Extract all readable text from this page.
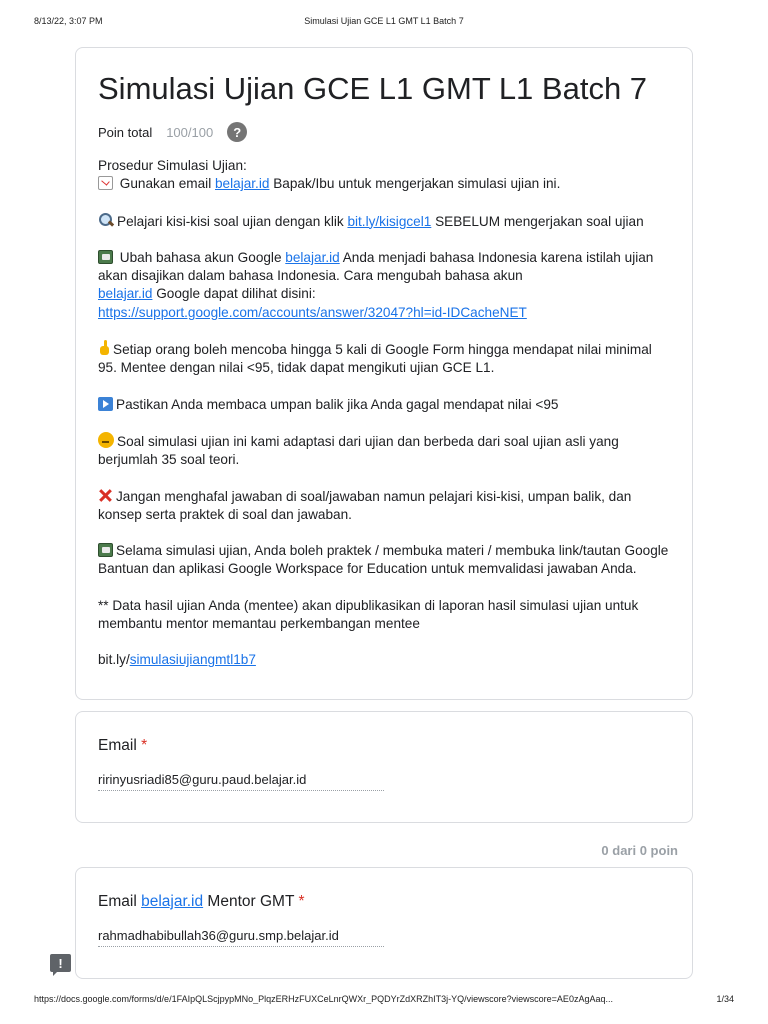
8/13/22, 3:07 PM	Simulasi Ujian GCE L1 GMT L1 Batch 7
Simulasi Ujian GCE L1 GMT L1 Batch 7
Poin total 100/100	?

Prosedur Simulasi Ujian:
Gunakan email belajar.id Bapak/Ibu untuk mengerjakan simulasi ujian ini.

Pelajari kisi-kisi soal ujian dengan klik bit.ly/kisigcel1 SEBELUM mengerjakan soal ujian

Ubah bahasa akun Google belajar.id Anda menjadi bahasa Indonesia karena istilah ujian akan disajikan dalam bahasa Indonesia. Cara mengubah bahasa akun
belajar.id Google dapat dilihat disini:
https://support.google.com/accounts/answer/32047?hl=id-IDCacheNET

Setiap orang boleh mencoba hingga 5 kali di Google Form hingga mendapat nilai minimal 95. Mentee dengan nilai <95, tidak dapat mengikuti ujian GCE L1.

Pastikan Anda membaca umpan balik jika Anda gagal mendapat nilai <95

Soal simulasi ujian ini kami adaptasi dari ujian dan berbeda dari soal ujian asli yang berjumlah 35 soal teori.

Jangan menghafal jawaban di soal/jawaban namun pelajari kisi-kisi, umpan balik, dan konsep serta praktek di soal dan jawaban.

Selama simulasi ujian, Anda boleh praktek / membuka materi / membuka link/tautan Google Bantuan dan aplikasi Google Workspace for Education untuk memvalidasi jawaban Anda.

** Data hasil ujian Anda (mentee) akan dipublikasikan di laporan hasil simulasi ujian untuk membantu mentor memantau perkembangan mentee

bit.ly/simulasiujiangmtl1b7

Email *
ririnyusriadi85@guru.paud.belajar.id
0 dari 0 poin
Email belajar.id Mentor GMT *
rahmadhabibullah36@guru.smp.belajar.id
!
https://docs.google.com/forms/d/e/1FAIpQLScjpypMNo_PlqzERHzFUXCeLnrQWXr_PQDYrZdXRZhIT3j-YQ/viewscore?viewscore=AE0zAgAaq...	1/34
